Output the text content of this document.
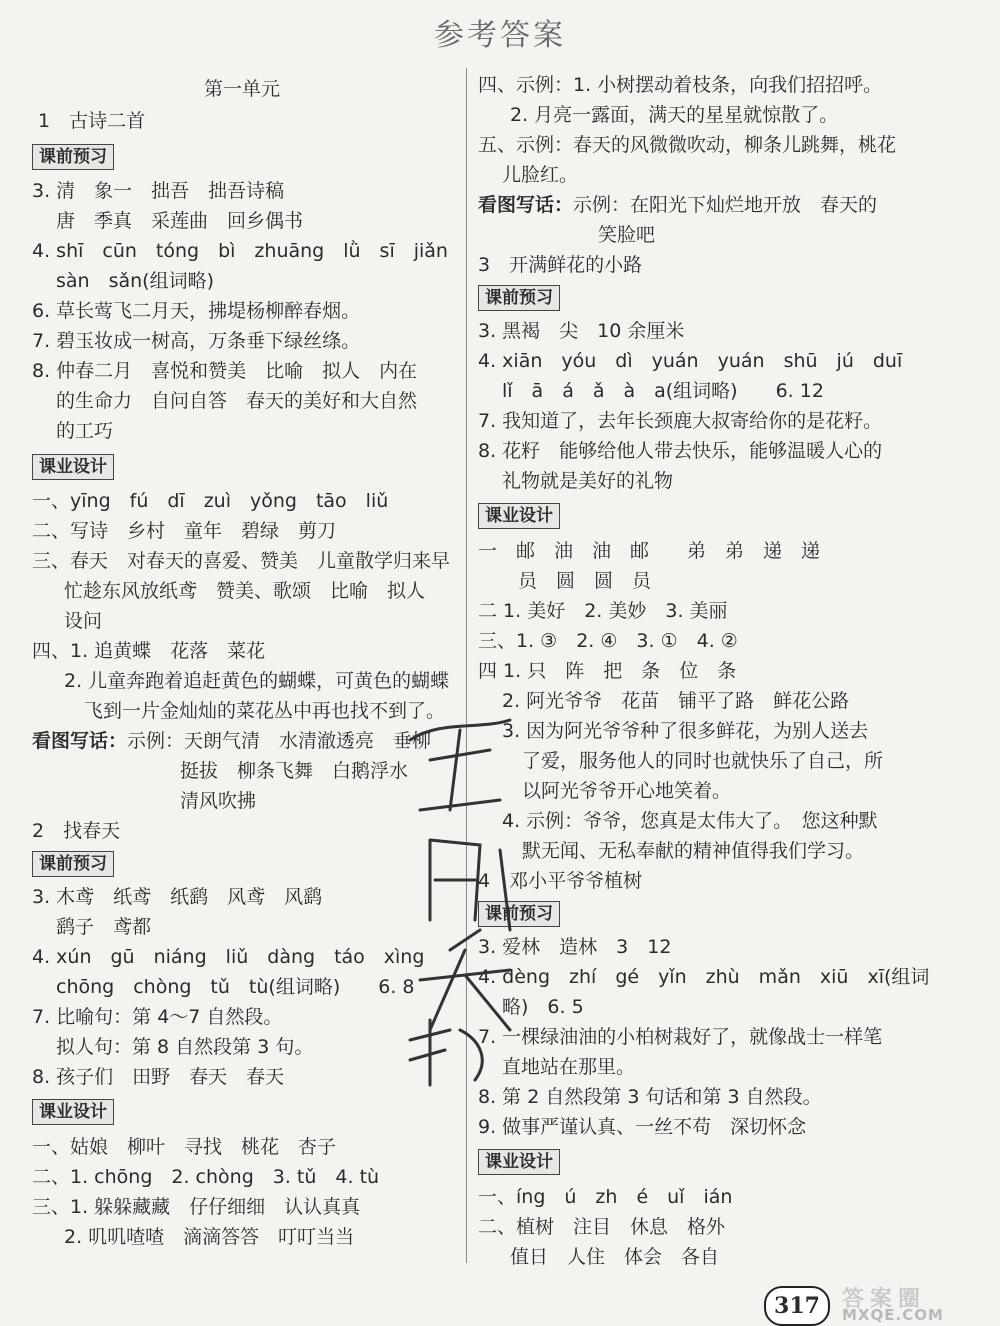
参考答案
第一单元
1　古诗二首
课前预习
3. 清　象一　拙吾　拙吾诗稿
唐　季真　采莲曲　回乡偶书
4. shī　cūn　tóng　bì　zhuāng　lǜ　sī　jiǎn
sàn　sǎn(组词略)
6. 草长莺飞二月天，拂堤杨柳醉春烟。
7. 碧玉妆成一树高，万条垂下绿丝绦。
8. 仲春二月　喜悦和赞美　比喻　拟人　内在
的生命力　自问自答　春天的美好和大自然
的工巧
课业设计
一、yīng　fú　dī　zuì　yǒng　tāo　liǔ
二、写诗　乡村　童年　碧绿　剪刀
三、春天　对春天的喜爱、赞美　儿童散学归来早
忙趁东风放纸鸢　赞美、歌颂　比喻　拟人
设问
四、1. 追黄蝶　花落　菜花
2. 儿童奔跑着追赶黄色的蝴蝶，可黄色的蝴蝶
飞到一片金灿灿的菜花丛中再也找不到了。
看图写话：示例：天朗气清　水清澈透亮　垂柳
挺拔　柳条飞舞　白鹅浮水
清风吹拂
2　找春天
课前预习
3. 木鸢　纸鸢　纸鹞　风鸢　风鹞
鹞子　鸢都
4. xún　gū　niáng　liǔ　dàng　táo　xìng
chōng　chòng　tǔ　tù(组词略)　　6. 8
7. 比喻句：第 4～7 自然段。
拟人句：第 8 自然段第 3 句。
8. 孩子们　田野　春天　春天
课业设计
一、姑娘　柳叶　寻找　桃花　杏子
二、1. chōng　2. chòng　3. tǔ　4. tù
三、1. 躲躲藏藏　仔仔细细　认认真真
2. 叽叽喳喳　滴滴答答　叮叮当当
四、示例：1. 小树摆动着枝条，向我们招招呼。
2. 月亮一露面，满天的星星就惊散了。
五、示例：春天的风微微吹动，柳条儿跳舞，桃花
儿脸红。
看图写话：示例：在阳光下灿烂地开放　春天的
笑脸吧
3　开满鲜花的小路
课前预习
3. 黑褐　尖　10 余厘米
4. xiān　yóu　dì　yuán　yuán　shū　jú　duī
lǐ　ā　á　ǎ　à　a(组词略)　　6. 12
7. 我知道了，去年长颈鹿大叔寄给你的是花籽。
8. 花籽　能够给他人带去快乐，能够温暖人心的
礼物就是美好的礼物
课业设计
一　邮　油　油　邮　　弟　弟　递　递
员　圆　圆　员
二 1. 美好　2. 美妙　3. 美丽
三、1. ③　2. ④　3. ①　4. ②
四 1. 只　阵　把　条　位　条
2. 阿光爷爷　花苗　铺平了路　鲜花公路
3. 因为阿光爷爷种了很多鲜花，为别人送去
了爱，服务他人的同时也就快乐了自己，所
以阿光爷爷开心地笑着。
4. 示例：爷爷，您真是太伟大了。　您这种默
默无闻、无私奉献的精神值得我们学习。
4　邓小平爷爷植树
课前预习
3. 爱林　造林　3　12
4. dèng　zhí　gé　yǐn　zhù　mǎn　xiū　xī(组词
略)　6. 5
7. 一棵绿油油的小柏树栽好了，就像战士一样笔
直地站在那里。
8. 第 2 自然段第 3 句话和第 3 自然段。
9. 做事严谨认真、一丝不苟　深切怀念
课业设计
一、íng　ú　zh　é　uǐ　ián
二、植树　注目　休息　格外
值日　人住　体会　各自
317	答案圈
MXQE.COM
